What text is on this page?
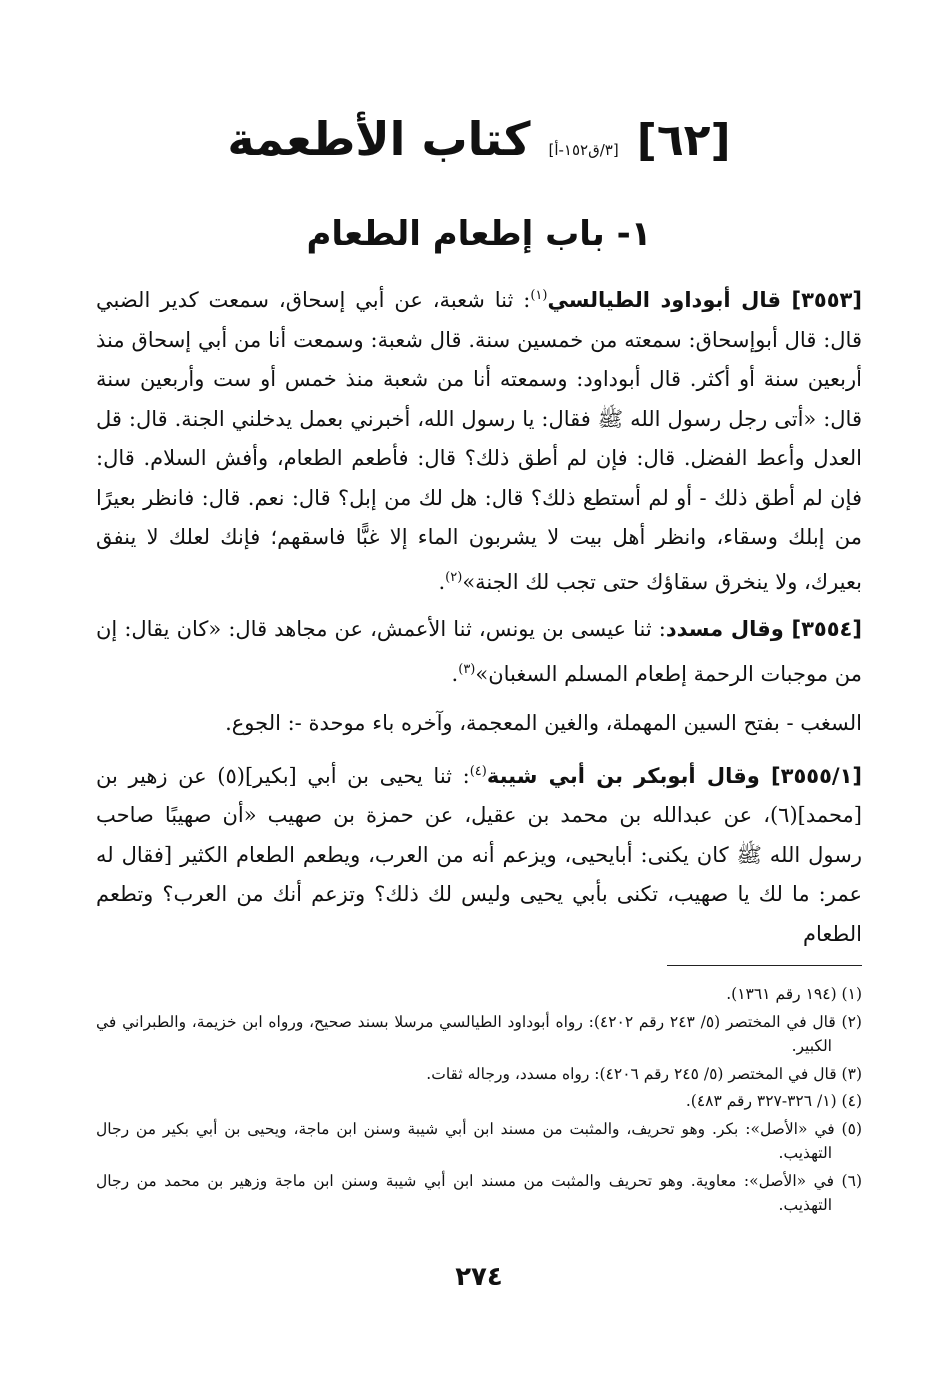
[٦٢]
[٣/ق١٥٢-أ]
كتاب الأطعمة
١- باب إطعام الطعام

[٣٥٥٣] قال أبوداود الطيالسي$^{(١)}$: ثنا شعبة، عن أبي إسحاق، سمعت كدير الضبي قال: قال أبوإسحاق: سمعته من خمسين سنة. قال شعبة: وسمعت أنا من أبي إسحاق منذ أربعين سنة أو أكثر. قال أبوداود: وسمعته أنا من شعبة منذ خمس أو ست وأربعين سنة قال: «أتى رجل رسول الله ﷺ فقال: يا رسول الله، أخبرني بعمل يدخلني الجنة. قال: قل العدل وأعط الفضل. قال: فإن لم أطق ذلك؟ قال: فأطعم الطعام، وأفش السلام. قال: فإن لم أطق ذلك - أو لم أستطع ذلك؟ قال: هل لك من إبل؟ قال: نعم. قال: فانظر بعيرًا من إبلك وسقاء، وانظر أهل بيت لا يشربون الماء إلا غبًّا فاسقهم؛ فإنك لعلك لا ينفق بعيرك، ولا ينخرق سقاؤك حتى تجب لك الجنة»$^{(٢)}$.

[٣٥٥٤] وقال مسدد: ثنا عيسى بن يونس، ثنا الأعمش، عن مجاهد قال: «كان يقال: إن من موجبات الرحمة إطعام المسلم السغبان»$^{(٣)}$.

السغب - بفتح السين المهملة، والغين المعجمة، وآخره باء موحدة -: الجوع.

[٣٥٥٥/١] وقال أبوبكر بن أبي شيبة$^{(٤)}$: ثنا يحيى بن أبي [بكير](٥) عن زهير بن [محمد](٦)، عن عبدالله بن محمد بن عقيل، عن حمزة بن صهيب «أن صهيبًا صاحب رسول الله ﷺ كان يكنى: أبايحيى، ويزعم أنه من العرب، ويطعم الطعام الكثير [فقال له عمر: ما لك يا صهيب، تكنى بأبي يحيى وليس لك ذلك؟ وتزعم أنك من العرب؟ وتطعم الطعام

(١) (١٩٤ رقم ١٣٦١).

(٢) قال في المختصر (٥/ ٢٤٣ رقم ٤٢٠٢): رواه أبوداود الطيالسي مرسلا بسند صحيح، ورواه ابن خزيمة، والطبراني في الكبير.

(٣) قال في المختصر (٥/ ٢٤٥ رقم ٤٢٠٦): رواه مسدد، ورجاله ثقات.

(٤) (١/ ٣٢٦-٣٢٧ رقم ٤٨٣).

(٥) في «الأصل»: بكر. وهو تحريف، والمثبت من مسند ابن أبي شيبة وسنن ابن ماجة، ويحيى بن أبي بكير من رجال التهذيب.

(٦) في «الأصل»: معاوية. وهو تحريف والمثبت من مسند ابن أبي شيبة وسنن ابن ماجة وزهير بن محمد من رجال التهذيب.

٢٧٤
